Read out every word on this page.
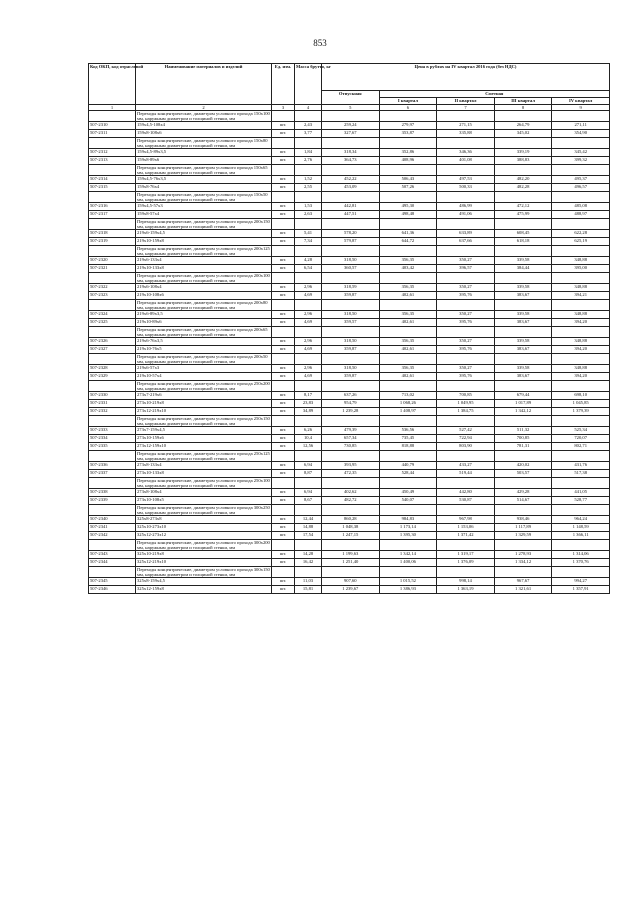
853
Код ОКП, код отраслевой	Наименование материалов и изделий	Ед. изм.	Масса брутто, кг	Цена в рублях на IV квартал 2016 года (без НДС)				
				Отпускная	Сметная			
					I квартал	II квартал	III квартал	IV квартал
1	2	3	4	5	6	7	8	9
	Переходы концентрические, диаметром условного прохода 150х100 мм, наружным диаметром и толщиной стенки, мм							
507-2310	159х4,5-108х4	шт.	2,43	259,24	279,97	271,15	264,79	271,11
507-2311	159х8-108х6	шт.	3,77	327,67	353,87	335,88	345,02	354,90
	Переходы концентрические, диаметром условного прохода 150х80 мм, наружным диаметром и толщиной стенки, мм							
507-2312	159х4,5-89х3,5	шт.	1,84	318,34	352,86	346,36	339,19	345,42
507-2313	159х8-89х6	шт.	2,76	364,73	408,96	401,08	388,83	399,32
	Переходы концентрические, диаметром условного прохода 150х65 мм, наружным диаметром и толщиной стенки, мм							
507-2314	159х4,5-76х3,5	шт.	1,52	452,22	506,43	497,53	482,20	495,37
507-2315	159х8-76х4	шт.	2,55	453,09	507,26	500,33	482,28	496,57
	Переходы концентрические, диаметром условного прохода 150х50 мм, наружным диаметром и толщиной стенки, мм							
507-2316	159х4,5-57х3	шт.	1,53	442,81	495,30	486,99	472,12	485,08
507-2317	159х8-57х4	шт.	2,63	447,51	498,48	491,06	475,99	488,97
	Переходы концентрические, диаметром условного прохода 200х150 мм, наружным диаметром и толщиной стенки, мм							
507-2318	219х6-159х4,5	шт.	5,41	578,20	641,36	633,89	608,45	622,28
507-2319	219х10-159х8	шт.	7,34	579,87	644,72	637,66	618,18	625,19
	Переходы концентрические, диаметром условного прохода 200х125 мм, наружным диаметром и толщиной стенки, мм							
507-2320	219х6-133х4	шт.	4,28	318,50	356,35	350,27	339,58	348,88
507-2321	219х10-133х8	шт.	6,54	360,57	403,42	396,57	384,44	395,00
	Переходы концентрические, диаметром условного прохода 200х100 мм, наружным диаметром и толщиной стенки, мм							
507-2322	219х6-108х4	шт.	2,96	318,59	356,35	350,27	339,58	348,88
507-2323	219х10-108х6	шт.	4,69	359,87	402,61	395,76	383,67	394,21
	Переходы концентрические, диаметром условного прохода 200х80 мм, наружным диаметром и толщиной стенки, мм							
507-2324	219х6-89х3,5	шт.	2,96	318,50	356,35	350,27	339,58	348,88
507-2325	219х10-89х6	шт.	4,69	359,57	402,61	395,76	383,67	394,20
	Переходы концентрические, диаметром условного прохода 200х65 мм, наружным диаметром и толщиной стенки, мм							
507-2326	219х6-76х3,5	шт.	2,96	318,50	356,35	350,27	339,58	348,88
507-2327	219х10-76х5	шт.	4,69	359,87	402,61	395,76	383,67	394,20
	Переходы концентрические, диаметром условного прохода 200х50 мм, наружным диаметром и толщиной стенки, мм							
507-2328	219х6-57х3	шт.	2,96	318,50	356,35	350,27	339,58	348,88
507-2329	219х10-57х4	шт.	4,69	359,87	402,61	395,76	383,67	394,20
	Переходы концентрические, диаметром условного прохода 250х200 мм, наружным диаметром и толщиной стенки, мм							
507-2330	273х7-219х6	шт.	8,17	637,26	713,02	700,85	679,44	698,10
507-2331	273х10-219х8	шт.	23,83	954,79	1 068,26	1 049,95	1 017,89	1 045,85
507-2332	273х12-219х10	шт.	34,89	1 239,28	1 408,97	1 384,75	1 342,12	1 379,39
	Переходы концентрические, диаметром условного прохода 250х150 мм, наружным диаметром и толщиной стенки, мм							
507-2333	273х7-159х4,5	шт.	6,26	479,39	536,56	527,42	511,32	525,34
507-2334	273х10-159х6	шт.	10,4	657,34	735,45	722,94	700,85	720,07
507-2335	273х12-159х10	шт.	12,56	730,85	818,88	803,90	781,31	802,71
	Переходы концентрические, диаметром условного прохода 250х125 мм, наружным диаметром и толщиной стенки, мм							
507-2336	273х8-133х4	шт.	6,94	393,95	440,79	433,27	420,02	431,76
507-2337	273х10-133х8	шт.	8,87	472,35	528,44	519,44	503,57	517,38
	Переходы концентрические, диаметром условного прохода 250х100 мм, наружным диаметром и толщиной стенки, мм							
507-2338	273х8-108х4	шт.	6,94	402,62	450,49	442,80	429,28	441,05
507-2339	273х10-108х5	шт.	8,67	482,72	540,07	530,87	514,67	528,77
	Переходы концентрические, диаметром условного прохода 300х250 мм, наружным диаметром и толщиной стенки, мм							
507-2340	325х8-273х8	шт.	12,44	860,28	984,83	967,98	938,46	964,24
507-2341	325х10-273х10	шт.	14,88	1 048,38	1 173,14	1 153,06	1 117,89	1 148,59
507-2342	325х12-273х12	шт.	17,54	1 247,15	1 395,30	1 371,42	1 329,59	1 366,11
	Переходы концентрические, диаметром условного прохода 300х200 мм, наружным диаметром и толщиной стенки, мм							
507-2343	325х10-219х8	шт.	14,28	1 199,63	1 342,14	1 319,17	1 278,93	1 314,06
507-2344	325х12-219х10	шт.	16,42	1 251,40	1 400,06	1 376,09	1 334,12	1 370,76
	Переходы концентрические, диаметром условного прохода 300х150 мм, наружным диаметром и толщиной стенки, мм							
507-2345	325х8-159х4,5	шт.	11,03	907,60	1 015,52	998,14	967,67	994,27
507-2346	325х12-159х8	шт.	15,81	1 239,67	1 386,93	1 363,19	1 321,61	1 357,91
